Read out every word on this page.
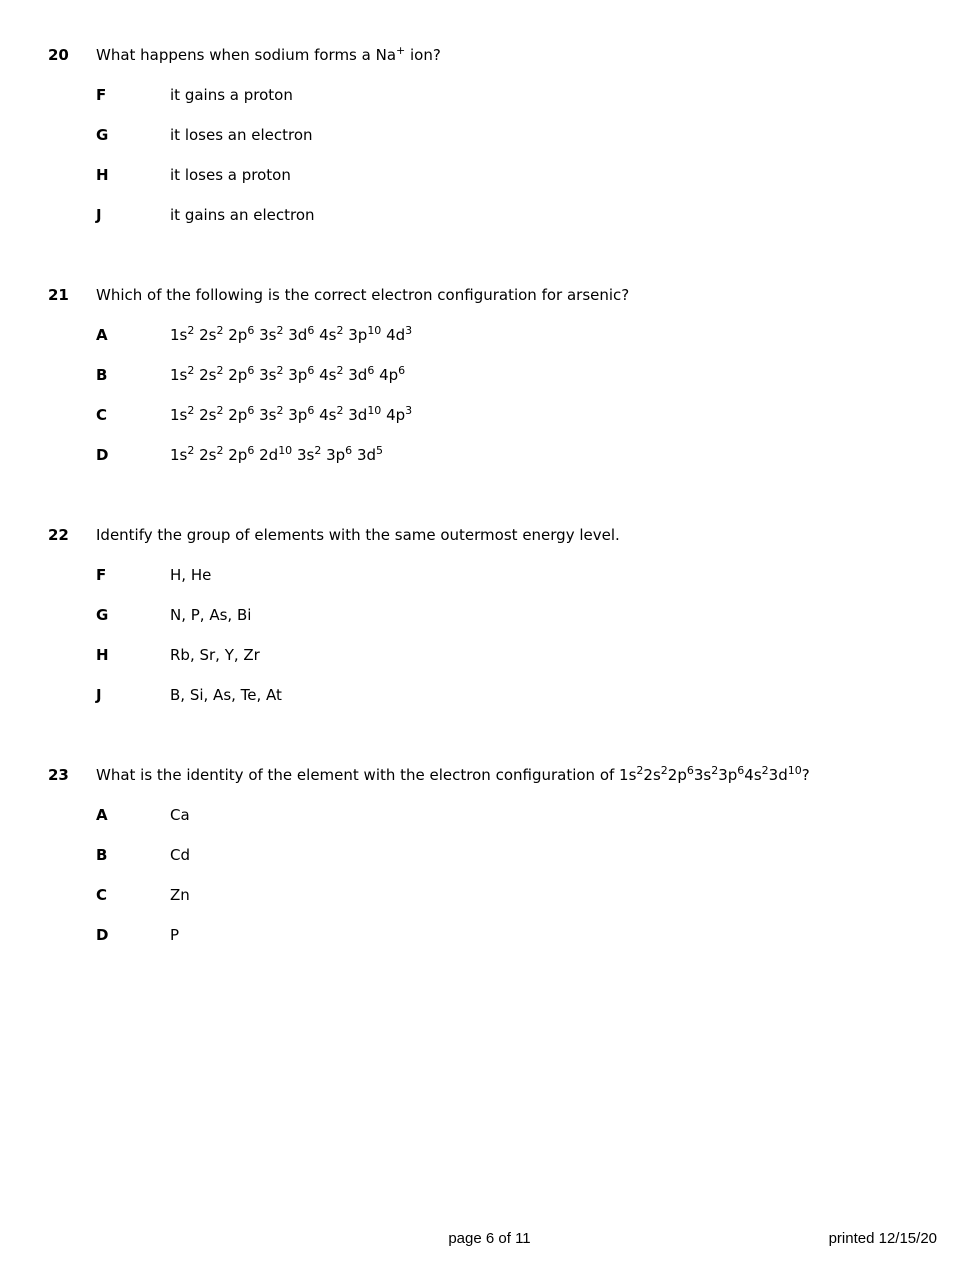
20 What happens when sodium forms a Na+ ion?
F	it gains a proton
G	it loses an electron
H	it loses a proton
J	it gains an electron
21 Which of the following is the correct electron configuration for arsenic?
A	$1s^2$ $2s^2$ $2p^6$ $3s^2$ $3d^6$ $4s^2$ $3p^{10}$ $4d^3$
B	$1s^2$ $2s^2$ $2p^6$ $3s^2$ $3p^6$ $4s^2$ $3d^6$ $4p^6$
C	$1s^2$ $2s^2$ $2p^6$ $3s^2$ $3p^6$ $4s^2$ $3d^{10}$ $4p^3$
D	$1s^2$ $2s^2$ $2p^6$ $2d^{10}$ $3s^2$ $3p^6$ $3d^5$
22 Identify the group of elements with the same outermost energy level.
F	H, He
G	N, P, As, Bi
H	Rb, Sr, Y, Zr
J	B, Si, As, Te, At
23 What is the identity of the element with the electron configuration of $1s^22s^22p^63s^23p^64s^23d^{10}$?
A	Ca
B	Cd
C	Zn
D	P
page 6 of 11	printed 12/15/20
